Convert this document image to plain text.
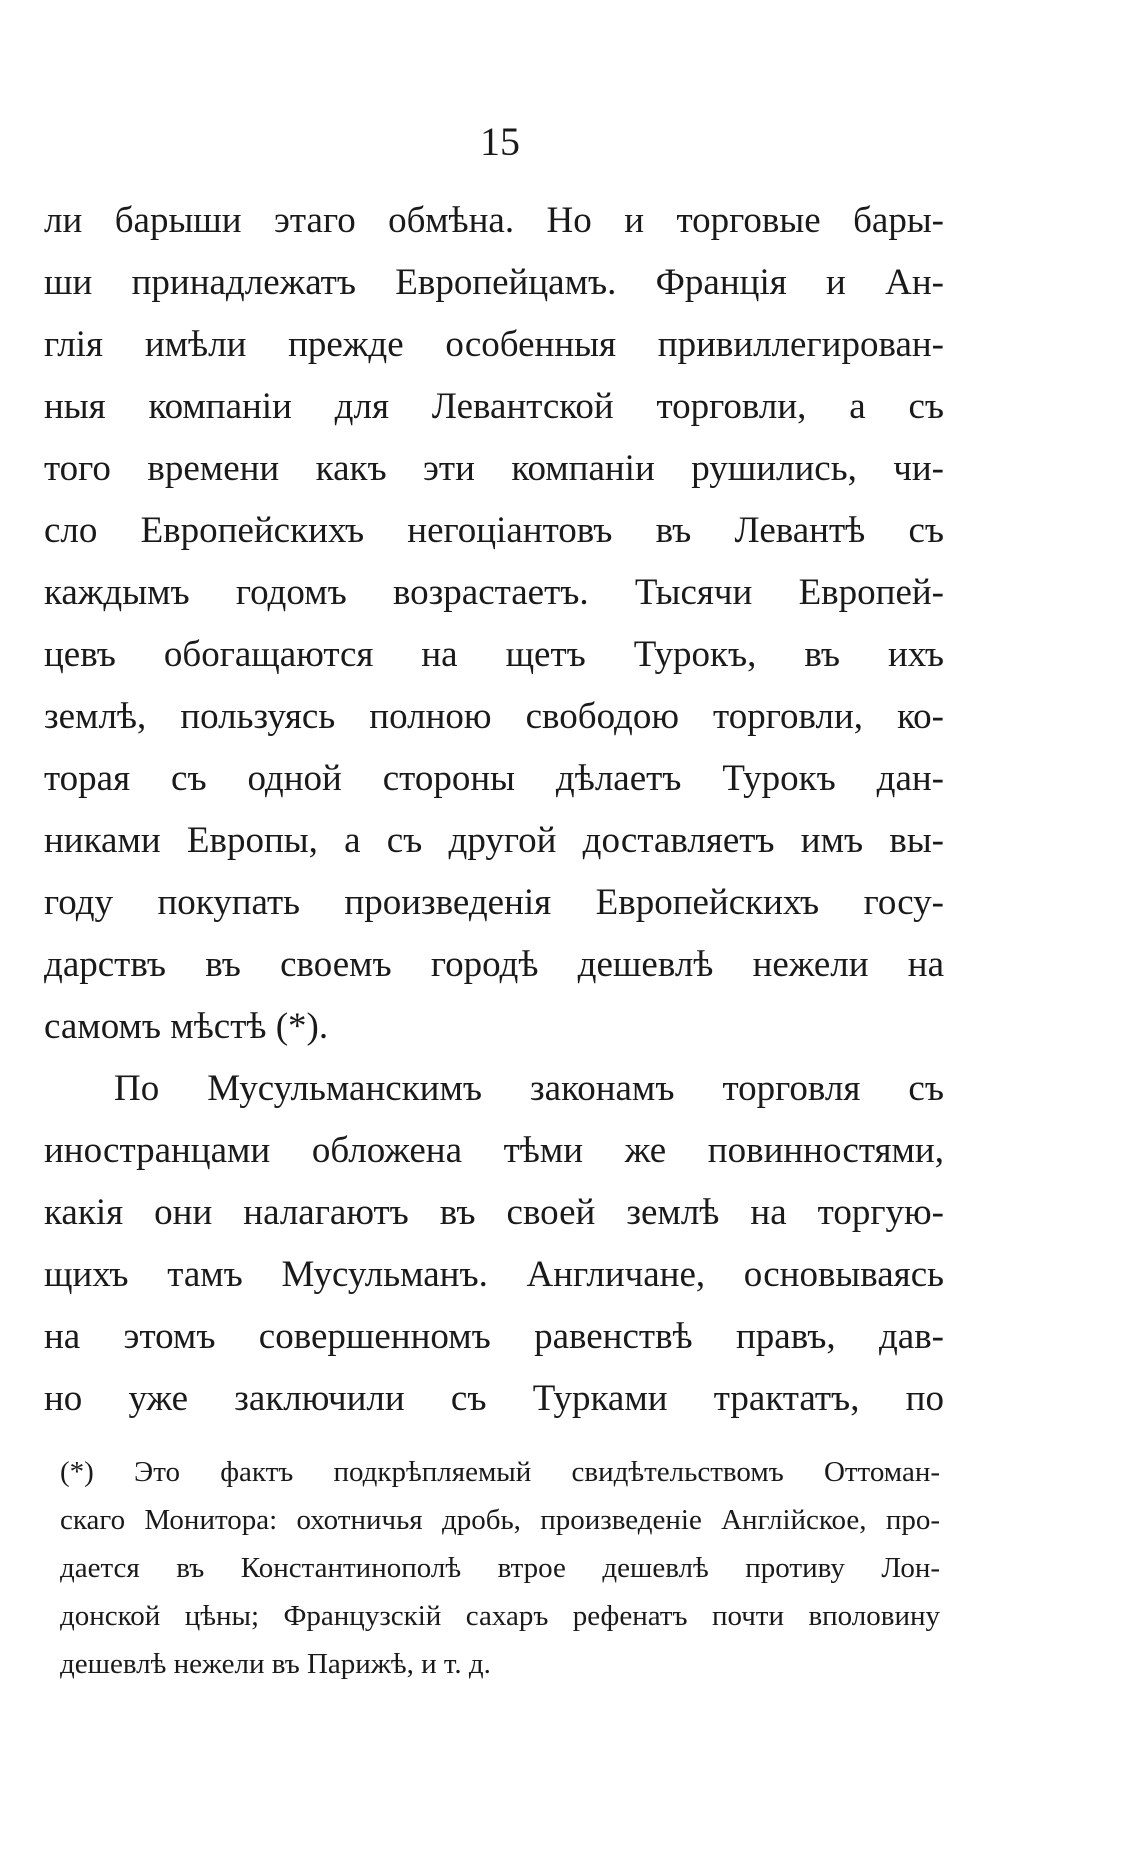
15
ли барыши этаго обмѣна. Но и торговые бары-
ши принадлежатъ Европейцамъ. Франція и Ан-
глія имѣли прежде особенныя привиллегирован-
ныя компаніи для Левантской торговли, а съ
того времени какъ эти компаніи рушились, чи-
сло Европейскихъ негоціантовъ въ Левантѣ съ
каждымъ годомъ возрастаетъ. Тысячи Европей-
цевъ обогащаются на щетъ Турокъ, въ ихъ
землѣ, пользуясь полною свободою торговли, ко-
торая съ одной стороны дѣлаетъ Турокъ дан-
никами Европы, а съ другой доставляетъ имъ вы-
году покупать произведенія Европейскихъ госу-
дарствъ въ своемъ городѣ дешевлѣ нежели на
самомъ мѣстѣ (*).
По Мусульманскимъ законамъ торговля съ
иностранцами обложена тѣми же повинностями,
какія они налагаютъ въ своей землѣ на торгую-
щихъ тамъ Мусульманъ. Англичане, основываясь
на этомъ совершенномъ равенствѣ правъ, дав-
но уже заключили съ Турками трактатъ, по
(*) Это фактъ подкрѣпляемый свидѣтельствомъ Оттоман-
скаго Монитора: охотничья дробь, произведеніе Англійское, про-
дается въ Константинополѣ втрое дешевлѣ противу Лон-
донской цѣны; Французскій сахаръ рефенатъ почти вполовину
дешевлѣ нежели въ Парижѣ, и т. д.
